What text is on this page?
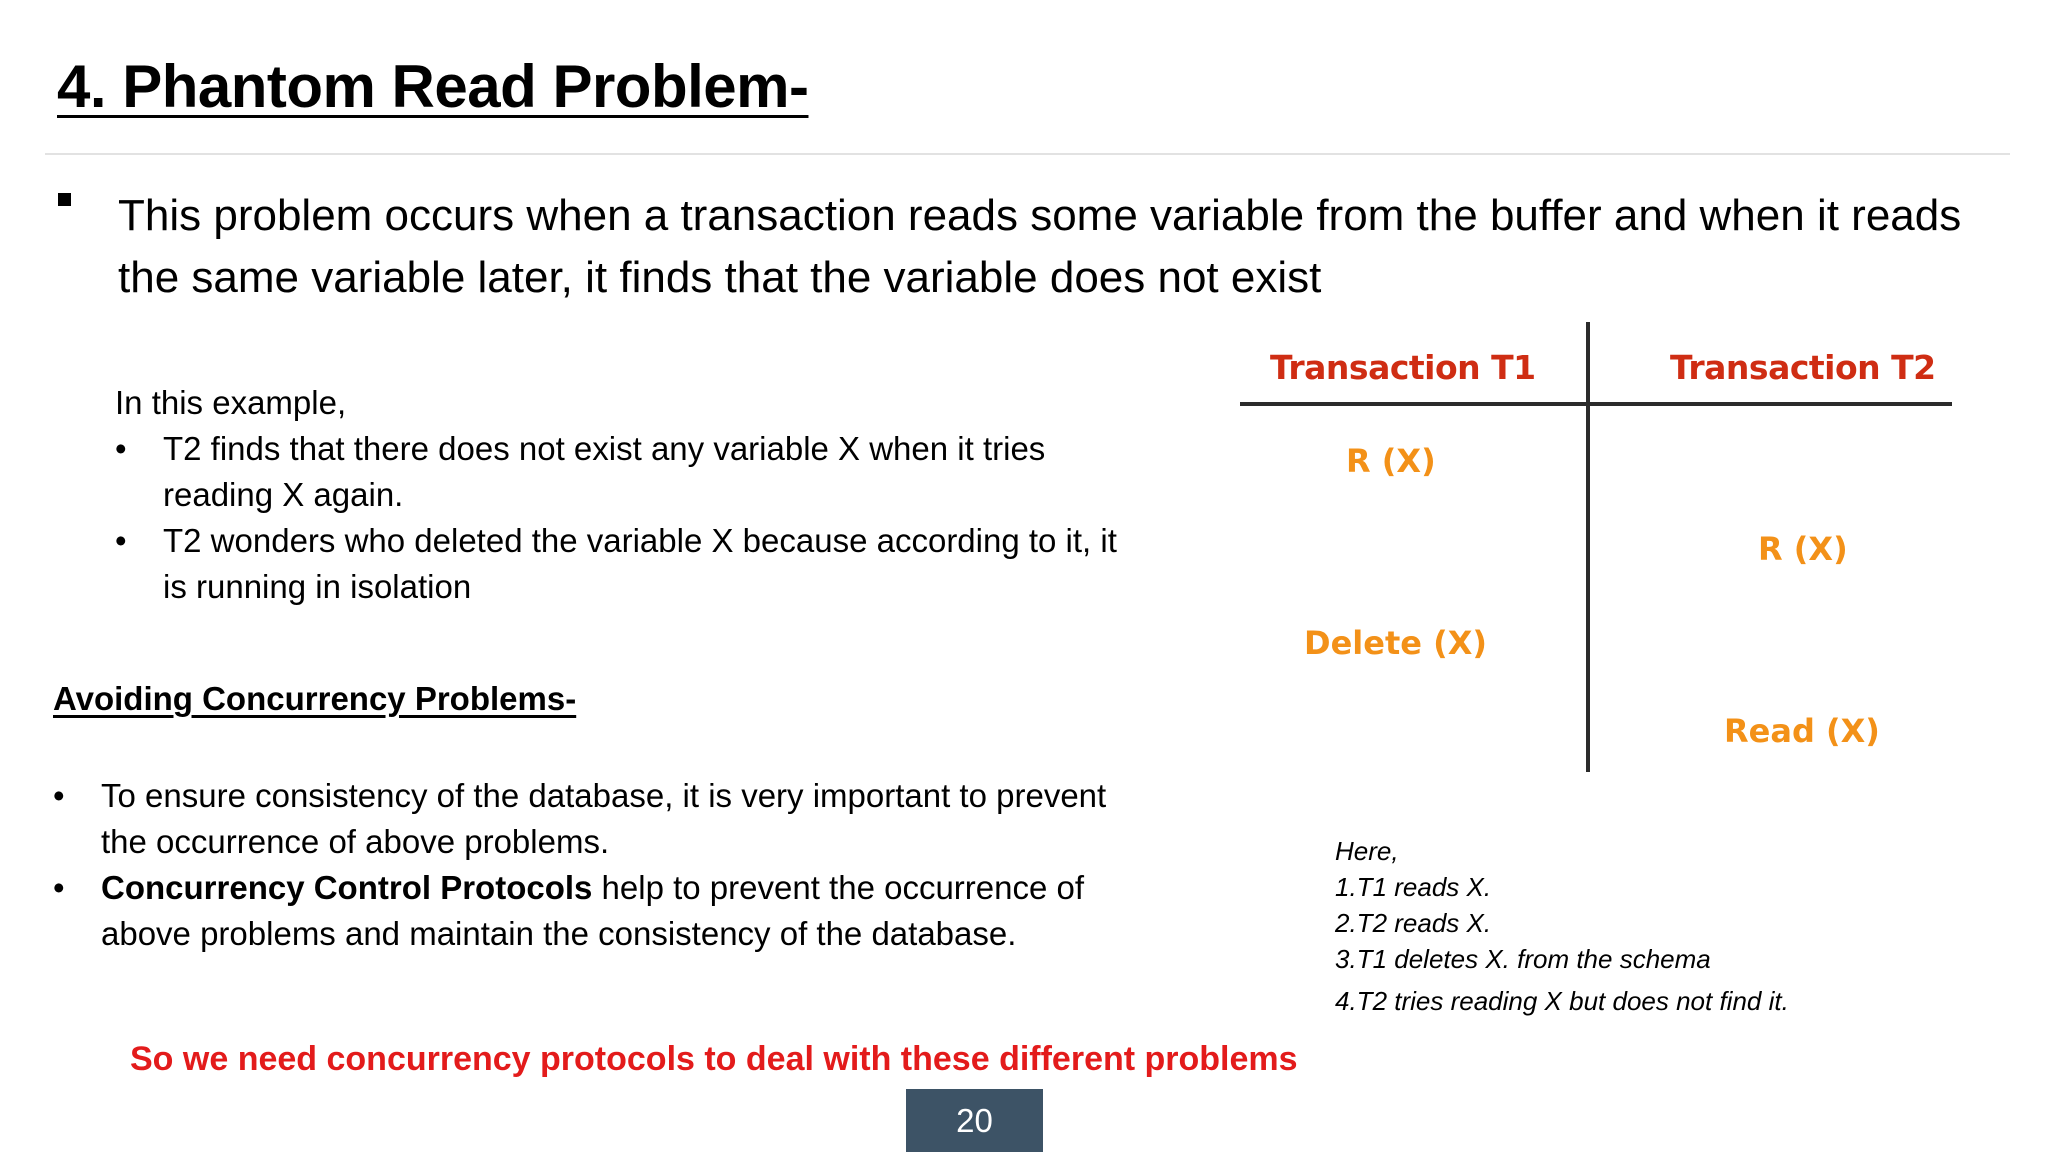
4. Phantom Read Problem-
This problem occurs when a transaction reads some variable from the buffer and when it reads the same variable later, it finds that the variable does not exist
In this example,
• T2 finds that there does not exist any variable X when it tries reading X again.
• T2 wonders who deleted the variable X because according to it, it is running in isolation
Avoiding Concurrency Problems-
• To ensure consistency of the database, it is very important to prevent the occurrence of above problems.
• Concurrency Control Protocols help to prevent the occurrence of above problems and maintain the consistency of the database.
Transaction T1	Transaction T2
R (X)
R (X)
Delete (X)
Read (X)
Here,
1.T1 reads X.
2.T2 reads X.
3.T1 deletes X. from the schema
4.T2 tries reading X but does not find it.
So we need concurrency protocols to deal with these different problems
20
